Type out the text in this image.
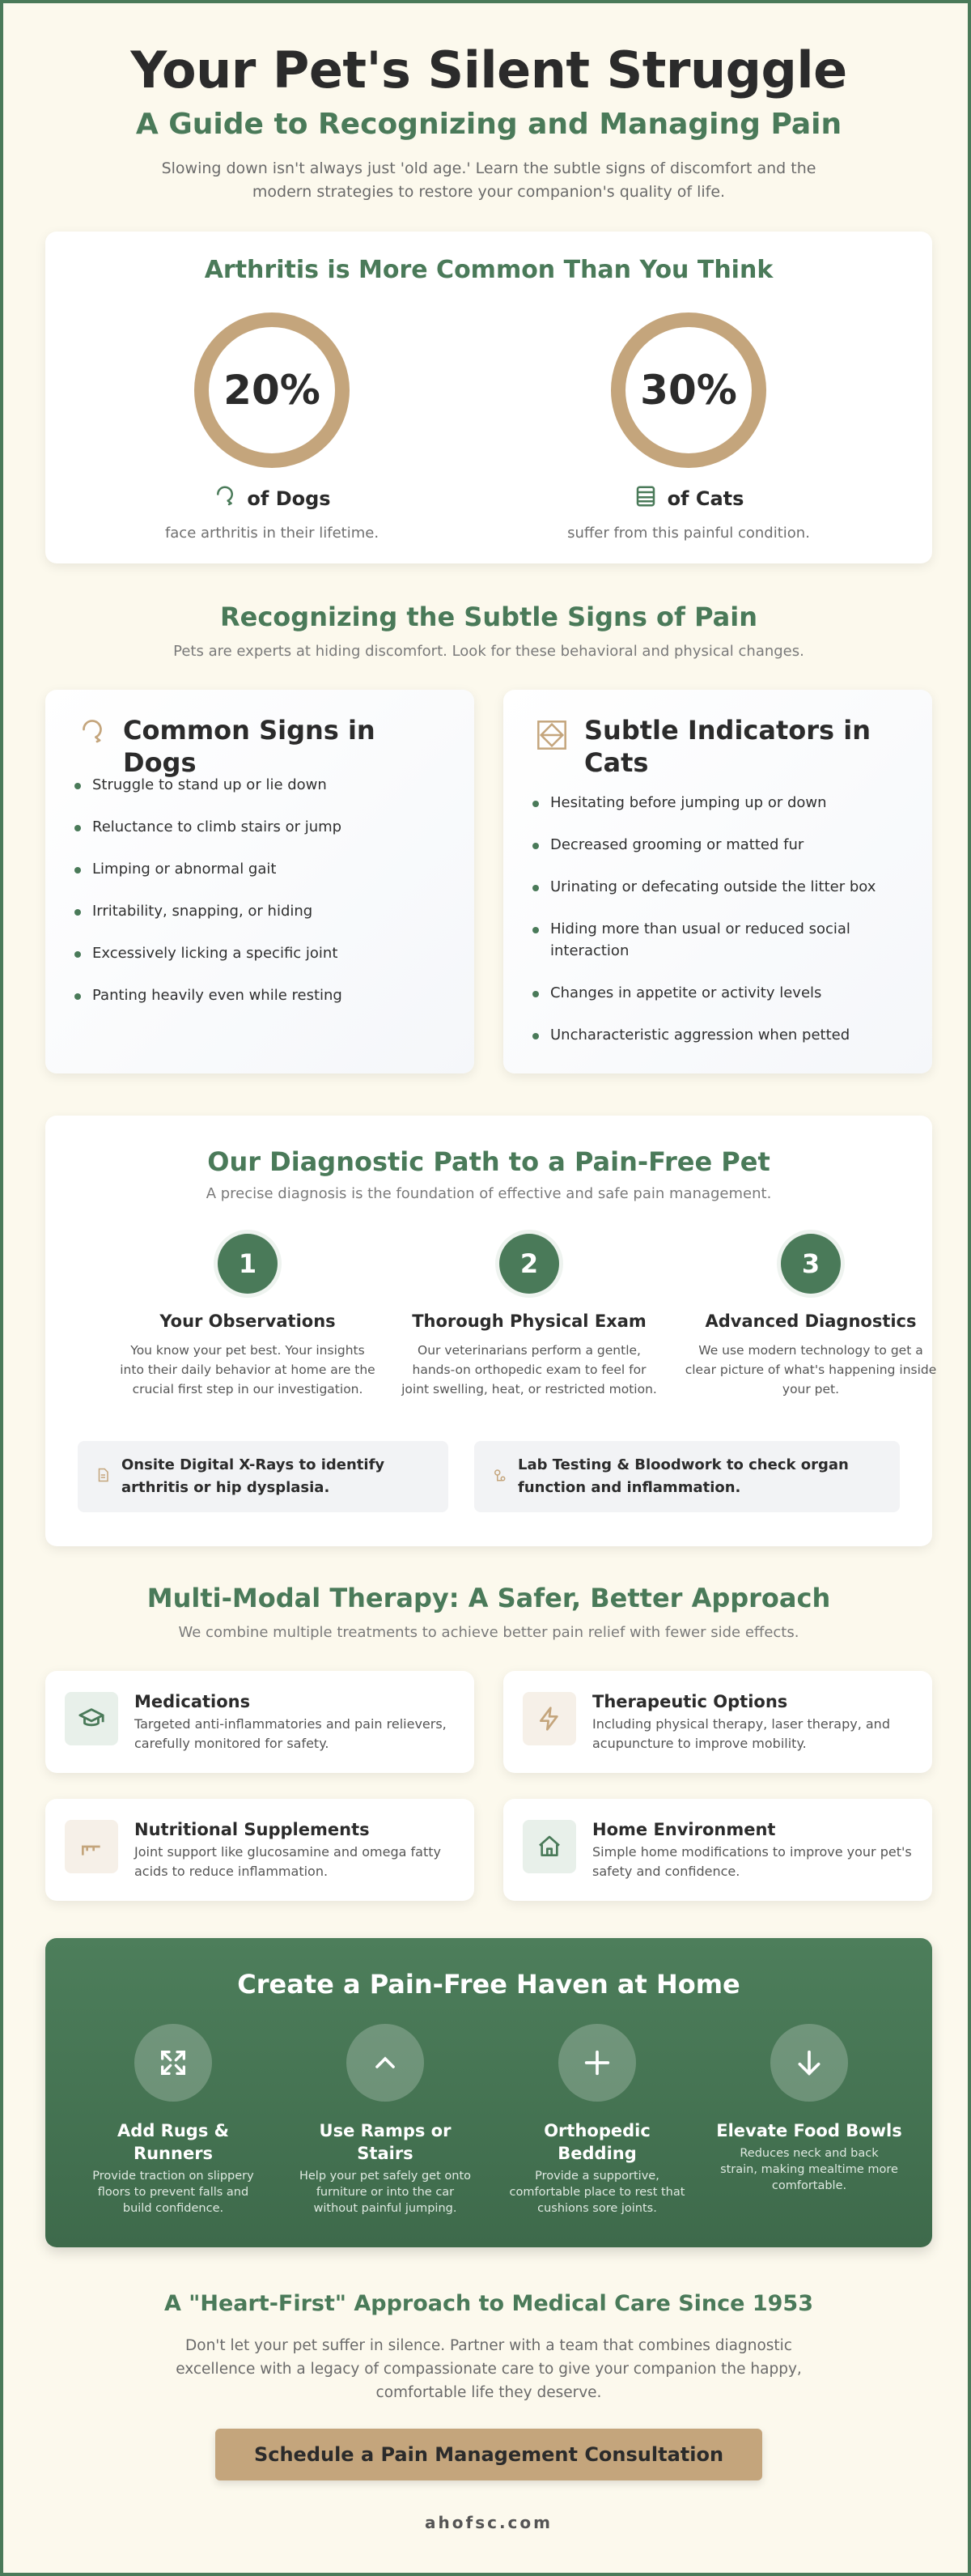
Your Pet's Silent Struggle
A Guide to Recognizing and Managing Pain

Slowing down isn't always just 'old age.' Learn the subtle signs of discomfort and the modern strategies to restore your companion's quality of life.

Arthritis is More Common Than You Think
20%
of Dogs
face arthritis in their lifetime.
30%
of Cats
suffer from this painful condition.
Recognizing the Subtle Signs of Pain

Pets are experts at hiding discomfort. Look for these behavioral and physical changes.

Common Signs in Dogs
Struggle to stand up or lie down
Reluctance to climb stairs or jump
Limping or abnormal gait
Irritability, snapping, or hiding
Excessively licking a specific joint
Panting heavily even while resting
Subtle Indicators in Cats
Hesitating before jumping up or down
Decreased grooming or matted fur
Urinating or defecating outside the litter box
Hiding more than usual or reduced social interaction
Changes in appetite or activity levels
Uncharacteristic aggression when petted
Our Diagnostic Path to a Pain-Free Pet
A precise diagnosis is the foundation of effective and safe pain management.
1
Your Observations

You know your pet best. Your insights into their daily behavior at home are the crucial first step in our investigation.

2
Thorough Physical Exam

Our veterinarians perform a gentle, hands-on orthopedic exam to feel for joint swelling, heat, or restricted motion.

3
Advanced Diagnostics

We use modern technology to get a clear picture of what's happening inside your pet.

Onsite Digital X-Rays to identify arthritis or hip dysplasia.
Lab Testing & Bloodwork to check organ function and inflammation.
Multi-Modal Therapy: A Safer, Better Approach

We combine multiple treatments to achieve better pain relief with fewer side effects.

Medications

Targeted anti-inflammatories and pain relievers, carefully monitored for safety.

Therapeutic Options

Including physical therapy, laser therapy, and acupuncture to improve mobility.

Nutritional Supplements

Joint support like glucosamine and omega fatty acids to reduce inflammation.

Home Environment

Simple home modifications to improve your pet's safety and confidence.

Create a Pain-Free Haven at Home
Add Rugs & Runners

Provide traction on slippery floors to prevent falls and build confidence.

Use Ramps or Stairs

Help your pet safely get onto furniture or into the car without painful jumping.

Orthopedic Bedding

Provide a supportive, comfortable place to rest that cushions sore joints.

Elevate Food Bowls

Reduces neck and back strain, making mealtime more comfortable.

A "Heart-First" Approach to Medical Care Since 1953

Don't let your pet suffer in silence. Partner with a team that combines diagnostic excellence with a legacy of compassionate care to give your companion the happy, comfortable life they deserve.

Schedule a Pain Management Consultation
ahofsc.com
